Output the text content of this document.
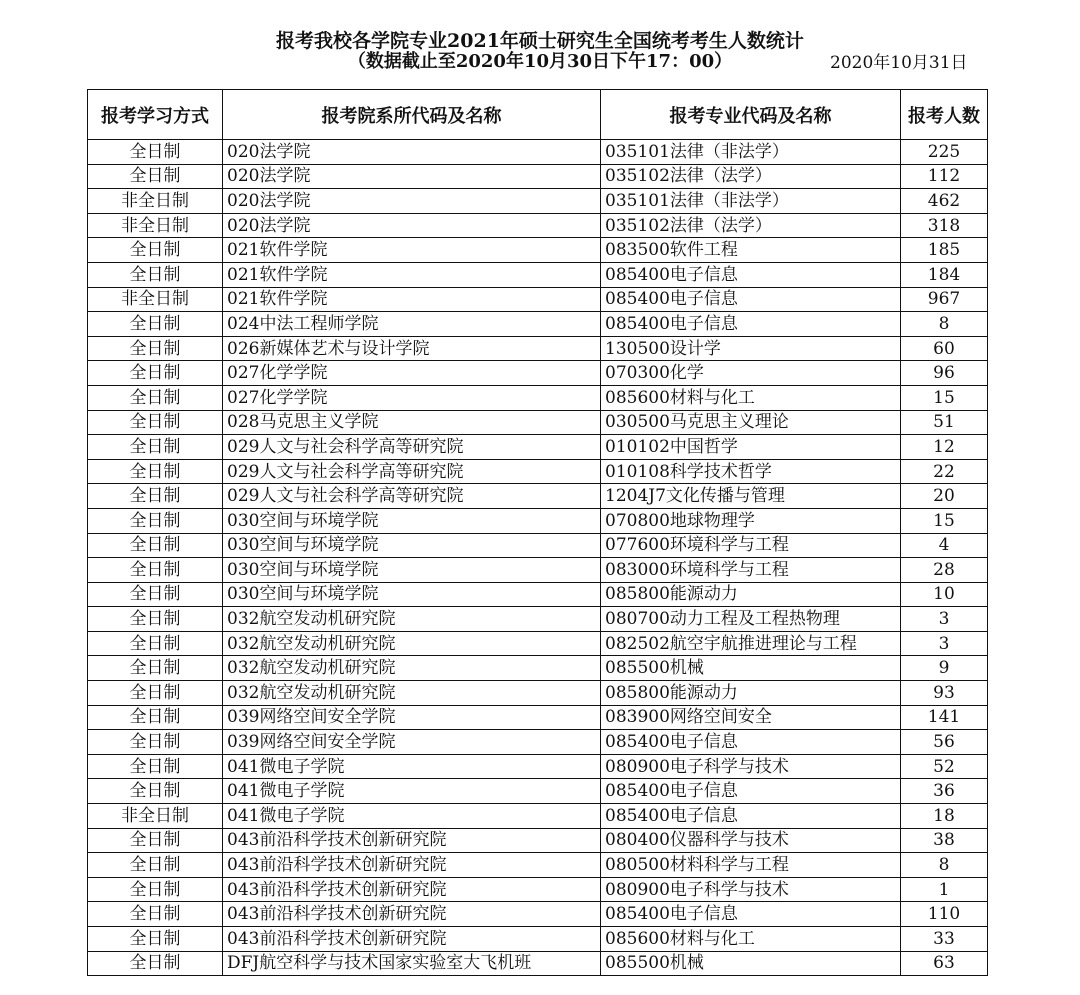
报考我校各学院专业2021年硕士研究生全国统考考生人数统计
（数据截止至2020年10月30日下午17：00）	2020年10月31日
报考学习方式	报考院系所代码及名称	报考专业代码及名称	报考人数
全日制	020法学院	035101法律（非法学）	225
全日制	020法学院	035102法律（法学）	112
非全日制	020法学院	035101法律（非法学）	462
非全日制	020法学院	035102法律（法学）	318
全日制	021软件学院	083500软件工程	185
全日制	021软件学院	085400电子信息	184
非全日制	021软件学院	085400电子信息	967
全日制	024中法工程师学院	085400电子信息	8
全日制	026新媒体艺术与设计学院	130500设计学	60
全日制	027化学学院	070300化学	96
全日制	027化学学院	085600材料与化工	15
全日制	028马克思主义学院	030500马克思主义理论	51
全日制	029人文与社会科学高等研究院	010102中国哲学	12
全日制	029人文与社会科学高等研究院	010108科学技术哲学	22
全日制	029人文与社会科学高等研究院	1204J7文化传播与管理	20
全日制	030空间与环境学院	070800地球物理学	15
全日制	030空间与环境学院	077600环境科学与工程	4
全日制	030空间与环境学院	083000环境科学与工程	28
全日制	030空间与环境学院	085800能源动力	10
全日制	032航空发动机研究院	080700动力工程及工程热物理	3
全日制	032航空发动机研究院	082502航空宇航推进理论与工程	3
全日制	032航空发动机研究院	085500机械	9
全日制	032航空发动机研究院	085800能源动力	93
全日制	039网络空间安全学院	083900网络空间安全	141
全日制	039网络空间安全学院	085400电子信息	56
全日制	041微电子学院	080900电子科学与技术	52
全日制	041微电子学院	085400电子信息	36
非全日制	041微电子学院	085400电子信息	18
全日制	043前沿科学技术创新研究院	080400仪器科学与技术	38
全日制	043前沿科学技术创新研究院	080500材料科学与工程	8
全日制	043前沿科学技术创新研究院	080900电子科学与技术	1
全日制	043前沿科学技术创新研究院	085400电子信息	110
全日制	043前沿科学技术创新研究院	085600材料与化工	33
全日制	DFJ航空科学与技术国家实验室大飞机班	085500机械	63
